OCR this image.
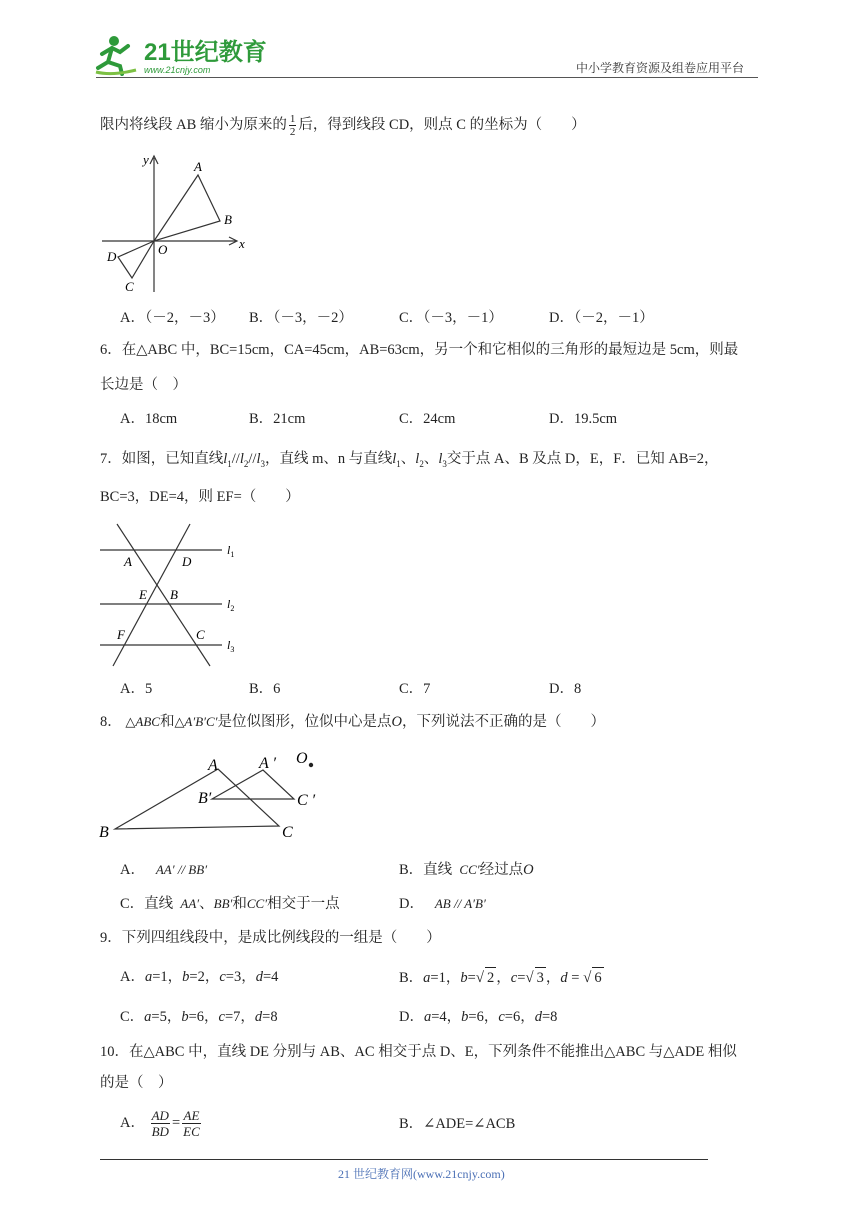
21世纪教育
www.21cnjy.com	中小学教育资源及组卷应用平台
限内将线段 AB 缩小为原来的 $\frac{1}{2}$ 后，得到线段 CD，则点 C 的坐标为（　　）
y
x
A
B
O
D
C
A．（－2，－3） B．（－3，－2）	C．（－3，－1）	D．（－2，－1）
6．在△ABC 中，BC=15cm，CA=45cm，AB=63cm，另一个和它相似的三角形的最短边是 5cm，则最
长边是（　）
A．18cm	B．21cm	C．24cm	D．19.5cm
7．如图，已知直线$l_1//l_2//l_3$，直线 m、n 与直线$l_1$、$l_2$、$l_3$交于点 A、B 及点 D，E，F．已知 AB=2，
BC=3，DE=4，则 EF=（　　）
A	D
E B
F	C
$l_1$
$l_2$
$l_3$
A．5	B．6	C．7	D．8
8． △ABC和△A′B′C′是位似图形，位似中心是点O，下列说法不正确的是（　　）
A	A ′ O
B′	C ′
B	C
A． AA′ // BB′	B．直线 CC′经过点O
C．直线 AA′、BB′和CC′相交于一点	D． AB // A′B′
9．下列四组线段中，是成比例线段的一组是（　　）
A．a=1，b=2，c=3，d=4	B．a=1，b=√ 2 ，c=√ 3 ，d = √ 6
C．a=5，b=6，c=7，d=8	D．a=4，b=6，c=6，d=8
10．在△ABC 中，直线 DE 分别与 AB、AC 相交于点 D、E，下列条件不能推出△ABC 与△ADE 相似
的是（　）
A． $\frac{AD}{BD} = \frac{AE}{EC}$	B．∠ADE=∠ACB
21 世纪教育网(www.21cnjy.com)
